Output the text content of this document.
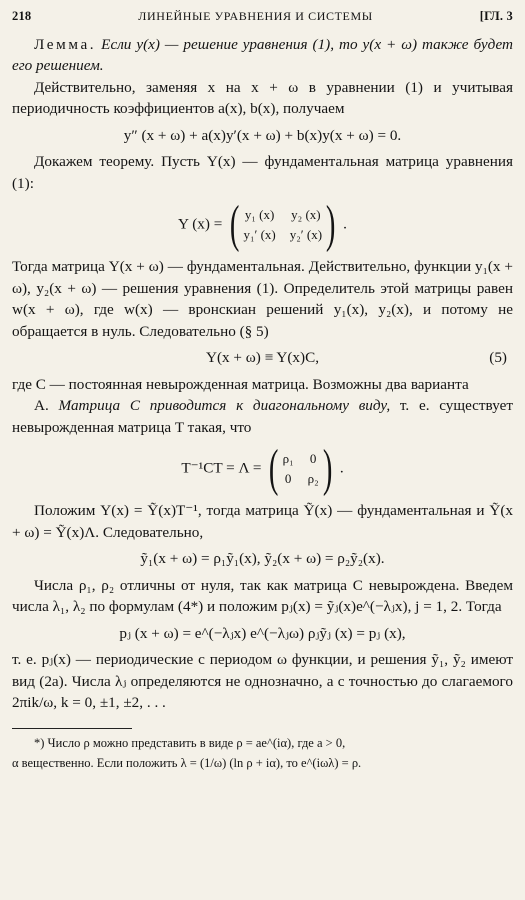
218	ЛИНЕЙНЫЕ УРАВНЕНИЯ И СИСТЕМЫ	[ГЛ. 3

Лемма. Если y(x) — решение уравнения (1), то y(x + ω) также будет его решением.

Действительно, заменяя x на x + ω в уравнении (1) и учитывая периодичность коэффициентов a(x), b(x), получаем

y″ (x + ω) + a(x)y′(x + ω) + b(x)y(x + ω) = 0.

Докажем теорему. Пусть Y(x) — фундаментальная матрица уравнения (1):

Y (x) = ( y₁ (x) y₂ (x)
y₁′ (x) y₂′ (x) ) .

Тогда матрица Y(x + ω) — фундаментальная. Действительно, функции y₁(x + ω), y₂(x + ω) — решения уравнения (1). Определитель этой матрицы равен w(x + ω), где w(x) — вронскиан решений y₁(x), y₂(x), и потому не обращается в нуль. Следовательно (§ 5)

Y(x + ω) ≡ Y(x)C,	(5)

где C — постоянная невырожденная матрица. Возможны два варианта

А. Матрица C приводится к диагональному виду, т. е. существует невырожденная матрица T такая, что

T⁻¹CT = Λ = ( ρ₁ 0
0 ρ₂ ) .

Положим Y(x) = Ỹ(x)T⁻¹, тогда матрица Ỹ(x) — фундаментальная и Ỹ(x + ω) = Ỹ(x)Λ. Следовательно,

ỹ₁(x + ω) = ρ₁ỹ₁(x), ỹ₂(x + ω) = ρ₂ỹ₂(x).

Числа ρ₁, ρ₂ отличны от нуля, так как матрица C невырождена. Введем числа λ₁, λ₂ по формулам (4*) и положим pⱼ(x) = ỹⱼ(x)e^(−λⱼx), j = 1, 2. Тогда

pⱼ (x + ω) = e^(−λⱼx) e^(−λⱼω) ρⱼỹⱼ (x) = pⱼ (x),

т. е. pⱼ(x) — периодические с периодом ω функции, и решения ỹ₁, ỹ₂ имеют вид (2а). Числа λⱼ определяются не однозначно, а с точностью до слагаемого 2πik/ω, k = 0, ±1, ±2, . . .

*) Число ρ можно представить в виде ρ = ae^(iα), где a > 0,

α вещественно. Если положить λ = (1/ω) (ln ρ + iα), то e^(iωλ) = ρ.
